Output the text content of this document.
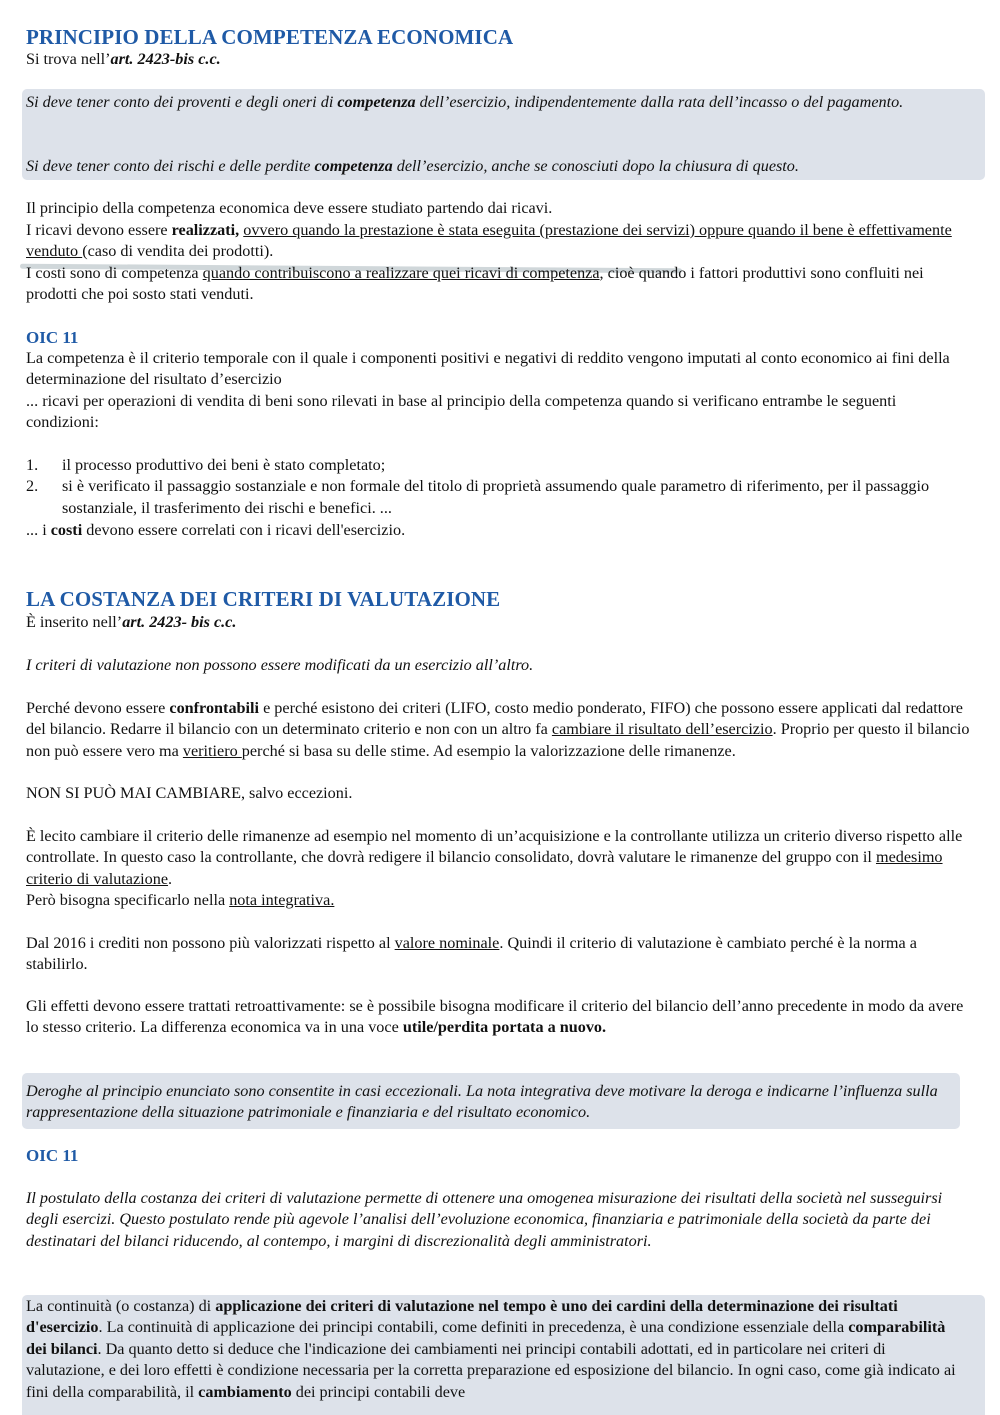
PRINCIPIO DELLA COMPETENZA ECONOMICA

Si trova nell’art. 2423-bis c.c.

Si deve tener conto dei proventi e degli oneri di competenza dell’esercizio, indipendentemente dalla rata dell’incasso o del pagamento.

Si deve tener conto dei rischi e delle perdite competenza dell’esercizio, anche se conosciuti dopo la chiusura di questo.

Il principio della competenza economica deve essere studiato partendo dai ricavi.

I ricavi devono essere realizzati, ovvero quando la prestazione è stata eseguita (prestazione dei servizi) oppure quando il bene è effettivamente venduto (caso di vendita dei prodotti).

I costi sono di competenza quando contribuiscono a realizzare quei ricavi di competenza, cioè quando i fattori produttivi sono confluiti nei prodotti che poi sosto stati venduti.

OIC 11

La competenza è il criterio temporale con il quale i componenti positivi e negativi di reddito vengono imputati al conto economico ai fini della determinazione del risultato d’esercizio

... ricavi per operazioni di vendita di beni sono rilevati in base al principio della competenza quando si verificano entrambe le seguenti condizioni:

1. il processo produttivo dei beni è stato completato;
2. si è verificato il passaggio sostanziale e non formale del titolo di proprietà assumendo quale parametro di riferimento, per il passaggio sostanziale, il trasferimento dei rischi e benefici. ...

... i costi devono essere correlati con i ricavi dell'esercizio.

LA COSTANZA DEI CRITERI DI VALUTAZIONE

È inserito nell’art. 2423- bis c.c.

I criteri di valutazione non possono essere modificati da un esercizio all’altro.

Perché devono essere confrontabili e perché esistono dei criteri (LIFO, costo medio ponderato, FIFO) che possono essere applicati dal redattore del bilancio. Redarre il bilancio con un determinato criterio e non con un altro fa cambiare il risultato dell’esercizio. Proprio per questo il bilancio non può essere vero ma veritiero perché si basa su delle stime. Ad esempio la valorizzazione delle rimanenze.

NON SI PUÒ MAI CAMBIARE, salvo eccezioni.

È lecito cambiare il criterio delle rimanenze ad esempio nel momento di un’acquisizione e la controllante utilizza un criterio diverso rispetto alle controllate. In questo caso la controllante, che dovrà redigere il bilancio consolidato, dovrà valutare le rimanenze del gruppo con il medesimo criterio di valutazione.

Però bisogna specificarlo nella nota integrativa.

Dal 2016 i crediti non possono più valorizzati rispetto al valore nominale. Quindi il criterio di valutazione è cambiato perché è la norma a stabilirlo.

Gli effetti devono essere trattati retroattivamente: se è possibile bisogna modificare il criterio del bilancio dell’anno precedente in modo da avere lo stesso criterio. La differenza economica va in una voce utile/perdita portata a nuovo.

Deroghe al principio enunciato sono consentite in casi eccezionali. La nota integrativa deve motivare la deroga e indicarne l’influenza sulla rappresentazione della situazione patrimoniale e finanziaria e del risultato economico.

OIC 11

Il postulato della costanza dei criteri di valutazione permette di ottenere una omogenea misurazione dei risultati della società nel susseguirsi degli esercizi. Questo postulato rende più agevole l’analisi dell’evoluzione economica, finanziaria e patrimoniale della società da parte dei destinatari del bilanci riducendo, al contempo, i margini di discrezionalità degli amministratori.

La continuità (o costanza) di applicazione dei criteri di valutazione nel tempo è uno dei cardini della determinazione dei risultati d'esercizio. La continuità di applicazione dei principi contabili, come definiti in precedenza, è una condizione essenziale della comparabilità dei bilanci. Da quanto detto si deduce che l'indicazione dei cambiamenti nei principi contabili adottati, ed in particolare nei criteri di valutazione, e dei loro effetti è condizione necessaria per la corretta preparazione ed esposizione del bilancio. In ogni caso, come già indicato ai fini della comparabilità, il cambiamento dei principi contabili deve
